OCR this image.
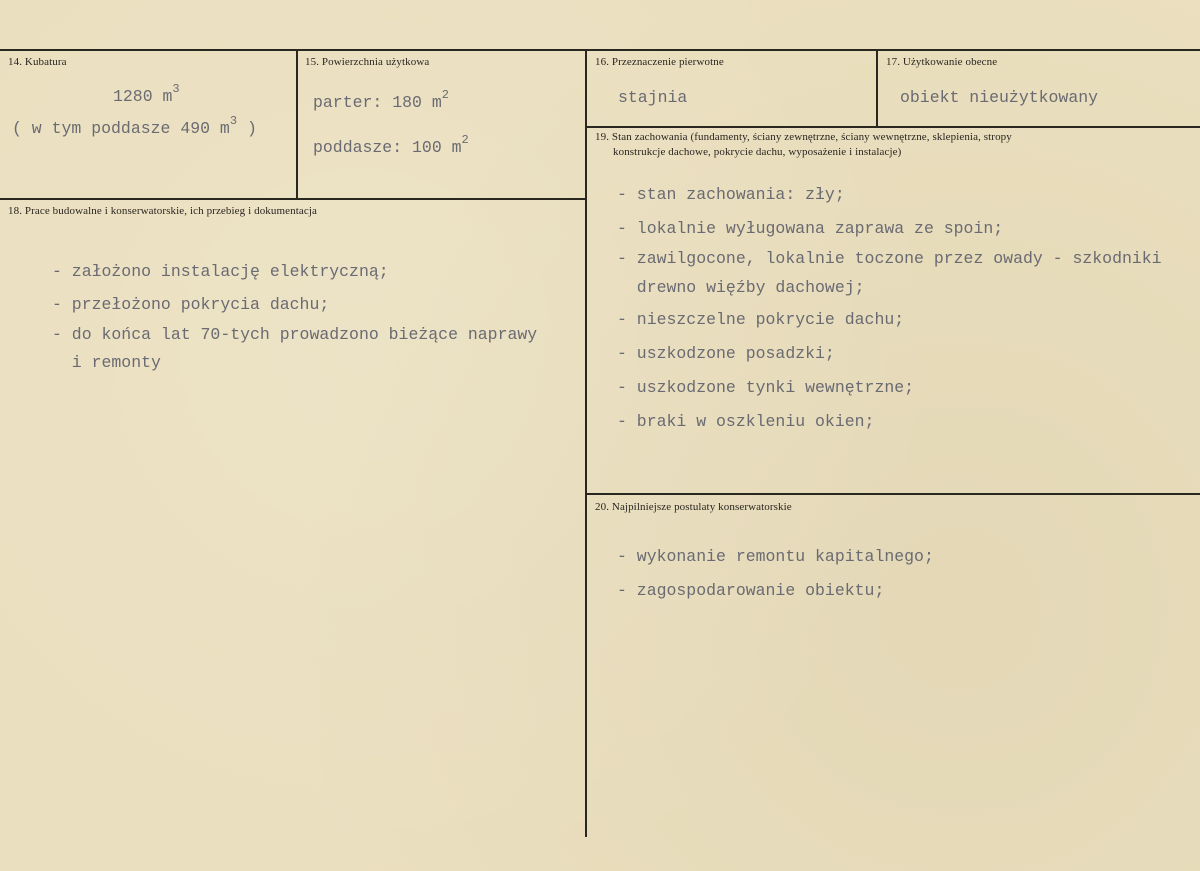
14. Kubatura
1280 $m^3$
( w tym poddasze 490 $m^3$ )
15. Powierzchnia użytkowa
parter: 180 $m^2$
poddasze: 100 $m^2$
16. Przeznaczenie pierwotne
stajnia
17. Użytkowanie obecne
obiekt nieużytkowany
18. Prace budowalne i konserwatorskie, ich przebieg i dokumentacja
- założono instalację elektryczną;
- przełożono pokrycia dachu;
- do końca lat 70-tych prowadzono bieżące naprawy
i remonty
19. Stan zachowania (fundamenty, ściany zewnętrzne, ściany wewnętrzne, sklepienia, stropy
konstrukcje dachowe, pokrycie dachu, wyposażenie i instalacje)
- stan zachowania: zły;
- lokalnie wyługowana zaprawa ze spoin;
- zawilgocone, lokalnie toczone przez owady - szkodniki
drewno więźby dachowej;
- nieszczelne pokrycie dachu;
- uszkodzone posadzki;
- uszkodzone tynki wewnętrzne;
- braki w oszkleniu okien;
20. Najpilniejsze postulaty konserwatorskie
- wykonanie remontu kapitalnego;
- zagospodarowanie obiektu;
